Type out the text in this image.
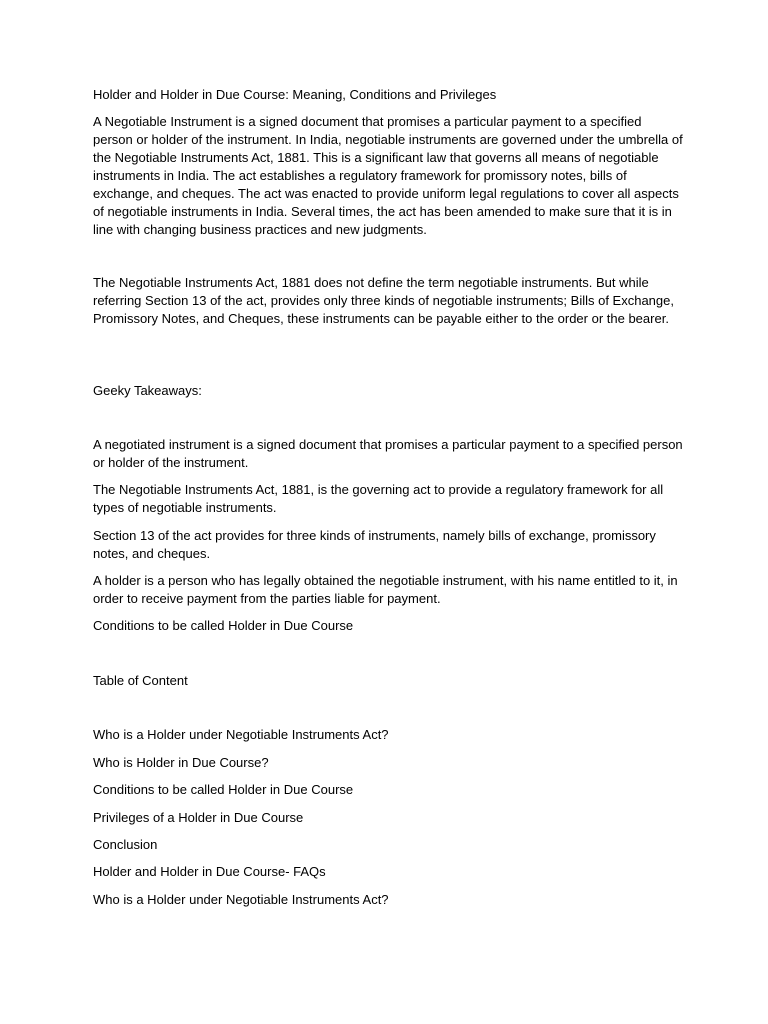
Holder and Holder in Due Course: Meaning, Conditions and Privileges

A Negotiable Instrument is a signed document that promises a particular payment to a specified person or holder of the instrument. In India, negotiable instruments are governed under the umbrella of the Negotiable Instruments Act, 1881. This is a significant law that governs all means of negotiable instruments in India. The act establishes a regulatory framework for promissory notes, bills of exchange, and cheques. The act was enacted to provide uniform legal regulations to cover all aspects of negotiable instruments in India. Several times, the act has been amended to make sure that it is in line with changing business practices and new judgments.

The Negotiable Instruments Act, 1881 does not define the term negotiable instruments. But while referring Section 13 of the act, provides only three kinds of negotiable instruments; Bills of Exchange, Promissory Notes, and Cheques, these instruments can be payable either to the order or the bearer.

Geeky Takeaways:

A negotiated instrument is a signed document that promises a particular payment to a specified person or holder of the instrument.

The Negotiable Instruments Act, 1881, is the governing act to provide a regulatory framework for all types of negotiable instruments.

Section 13 of the act provides for three kinds of instruments, namely bills of exchange, promissory notes, and cheques.

A holder is a person who has legally obtained the negotiable instrument, with his name entitled to it, in order to receive payment from the parties liable for payment.

Conditions to be called Holder in Due Course

Table of Content

Who is a Holder under Negotiable Instruments Act?

Who is Holder in Due Course?

Conditions to be called Holder in Due Course

Privileges of a Holder in Due Course

Conclusion

Holder and Holder in Due Course- FAQs

Who is a Holder under Negotiable Instruments Act?
